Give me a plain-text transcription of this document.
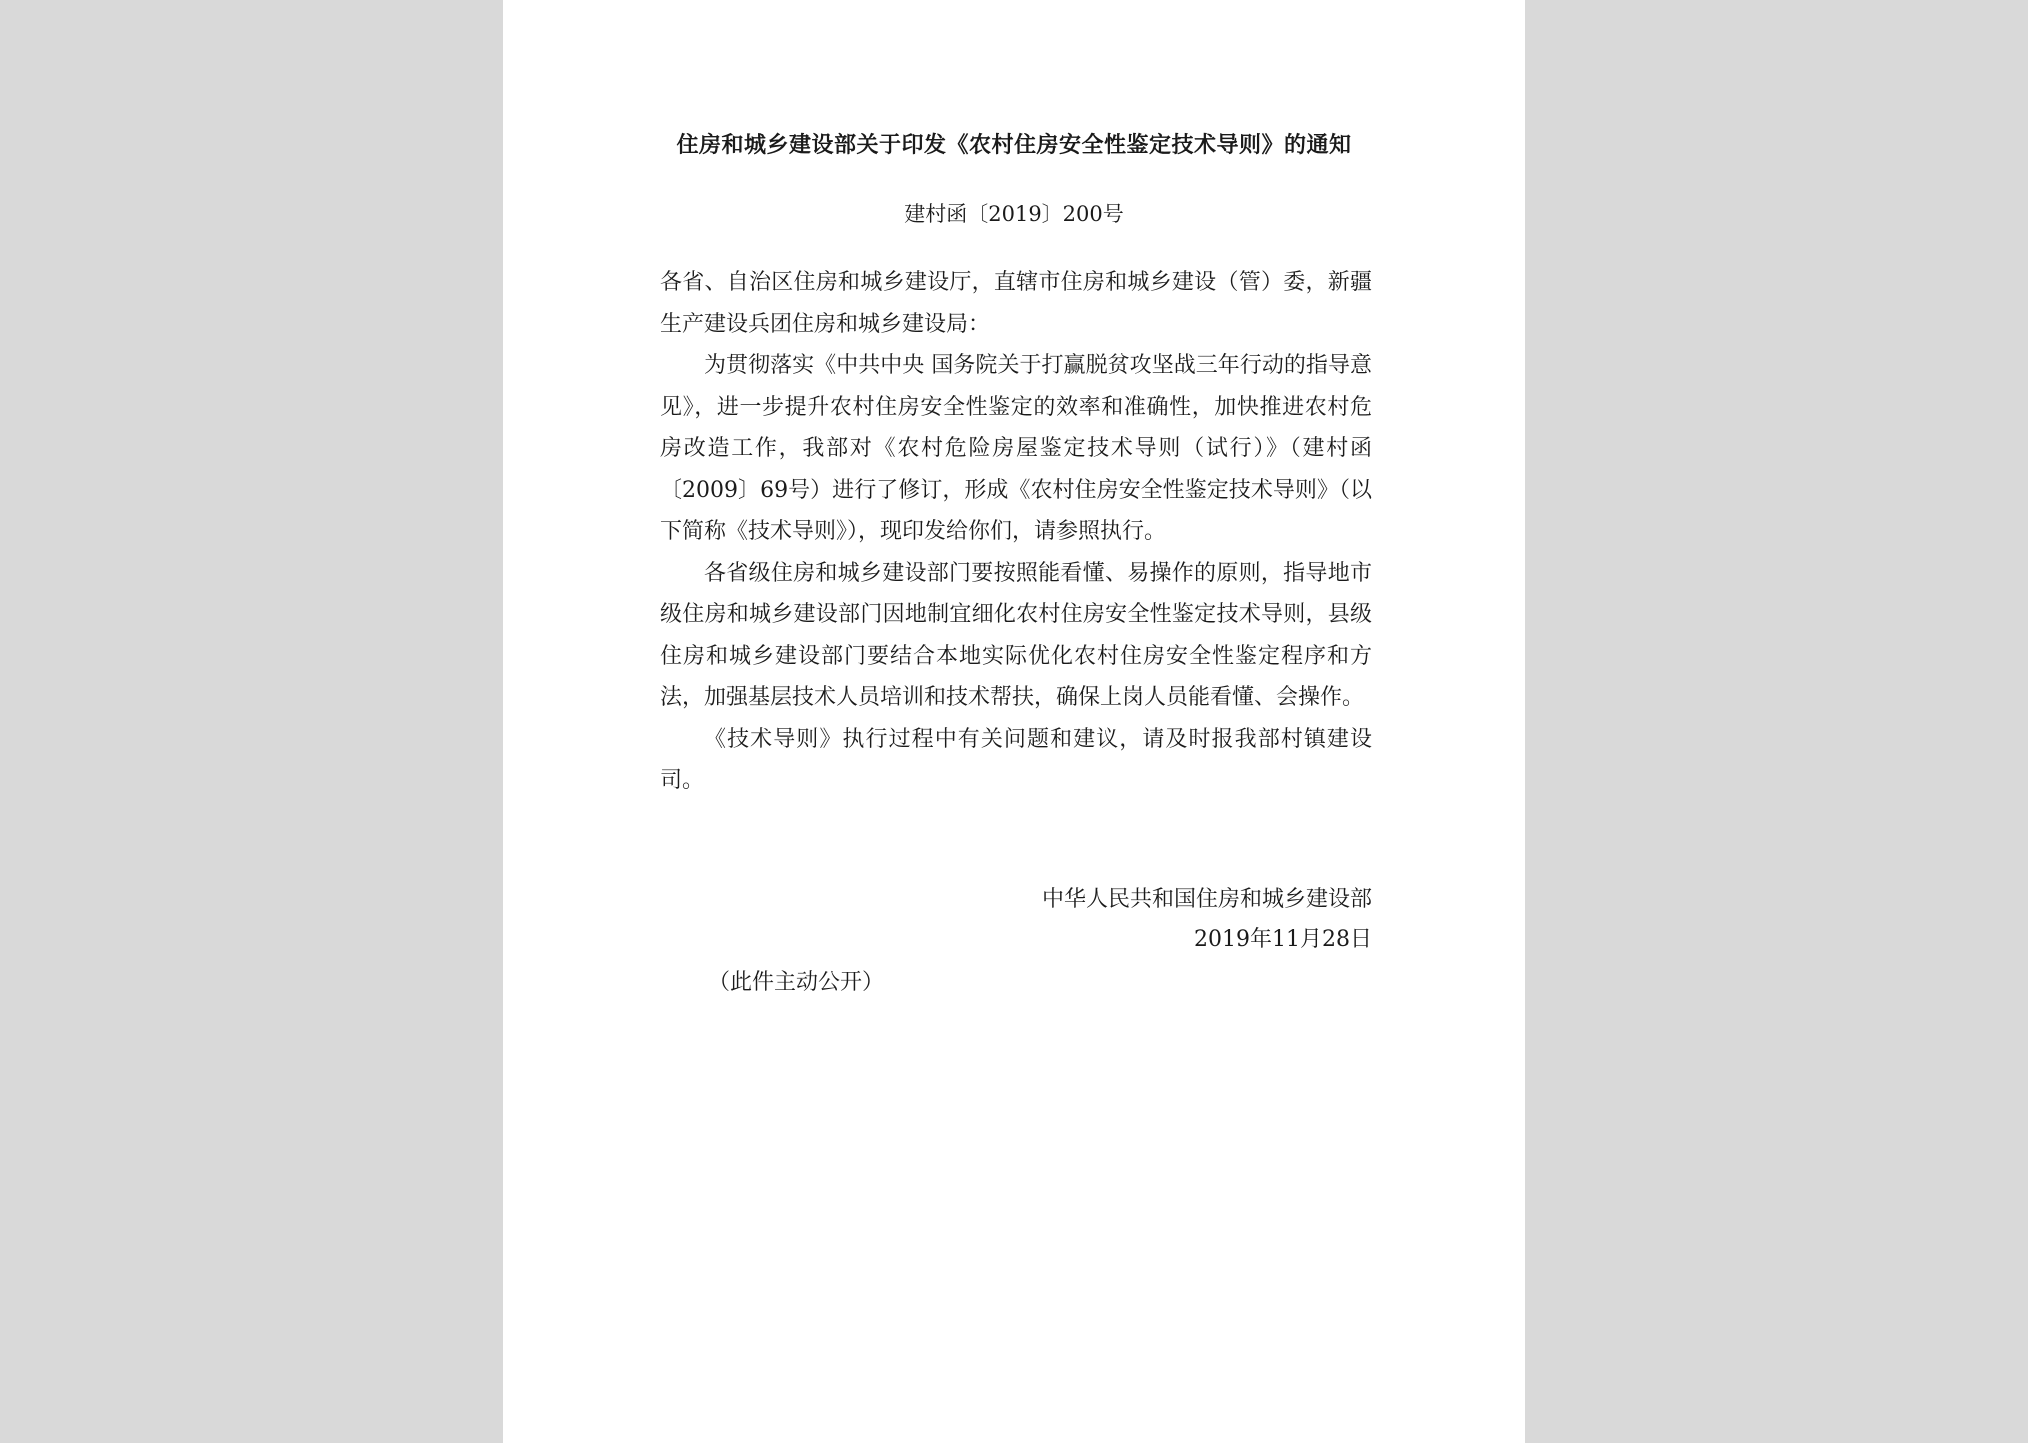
住房和城乡建设部关于印发《农村住房安全性鉴定技术导则》的通知
建村函〔2019〕200号

各省、自治区住房和城乡建设厅，直辖市住房和城乡建设（管）委，新疆生产建设兵团住房和城乡建设局：

为贯彻落实《中共中央 国务院关于打赢脱贫攻坚战三年行动的指导意见》，进一步提升农村住房安全性鉴定的效率和准确性，加快推进农村危房改造工作，我部对《农村危险房屋鉴定技术导则（试行）》（建村函〔2009〕69号）进行了修订，形成《农村住房安全性鉴定技术导则》（以下简称《技术导则》），现印发给你们，请参照执行。

各省级住房和城乡建设部门要按照能看懂、易操作的原则，指导地市级住房和城乡建设部门因地制宜细化农村住房安全性鉴定技术导则，县级住房和城乡建设部门要结合本地实际优化农村住房安全性鉴定程序和方法，加强基层技术人员培训和技术帮扶，确保上岗人员能看懂、会操作。

《技术导则》执行过程中有关问题和建议，请及时报我部村镇建设司。

中华人民共和国住房和城乡建设部
2019年11月28日
（此件主动公开）
